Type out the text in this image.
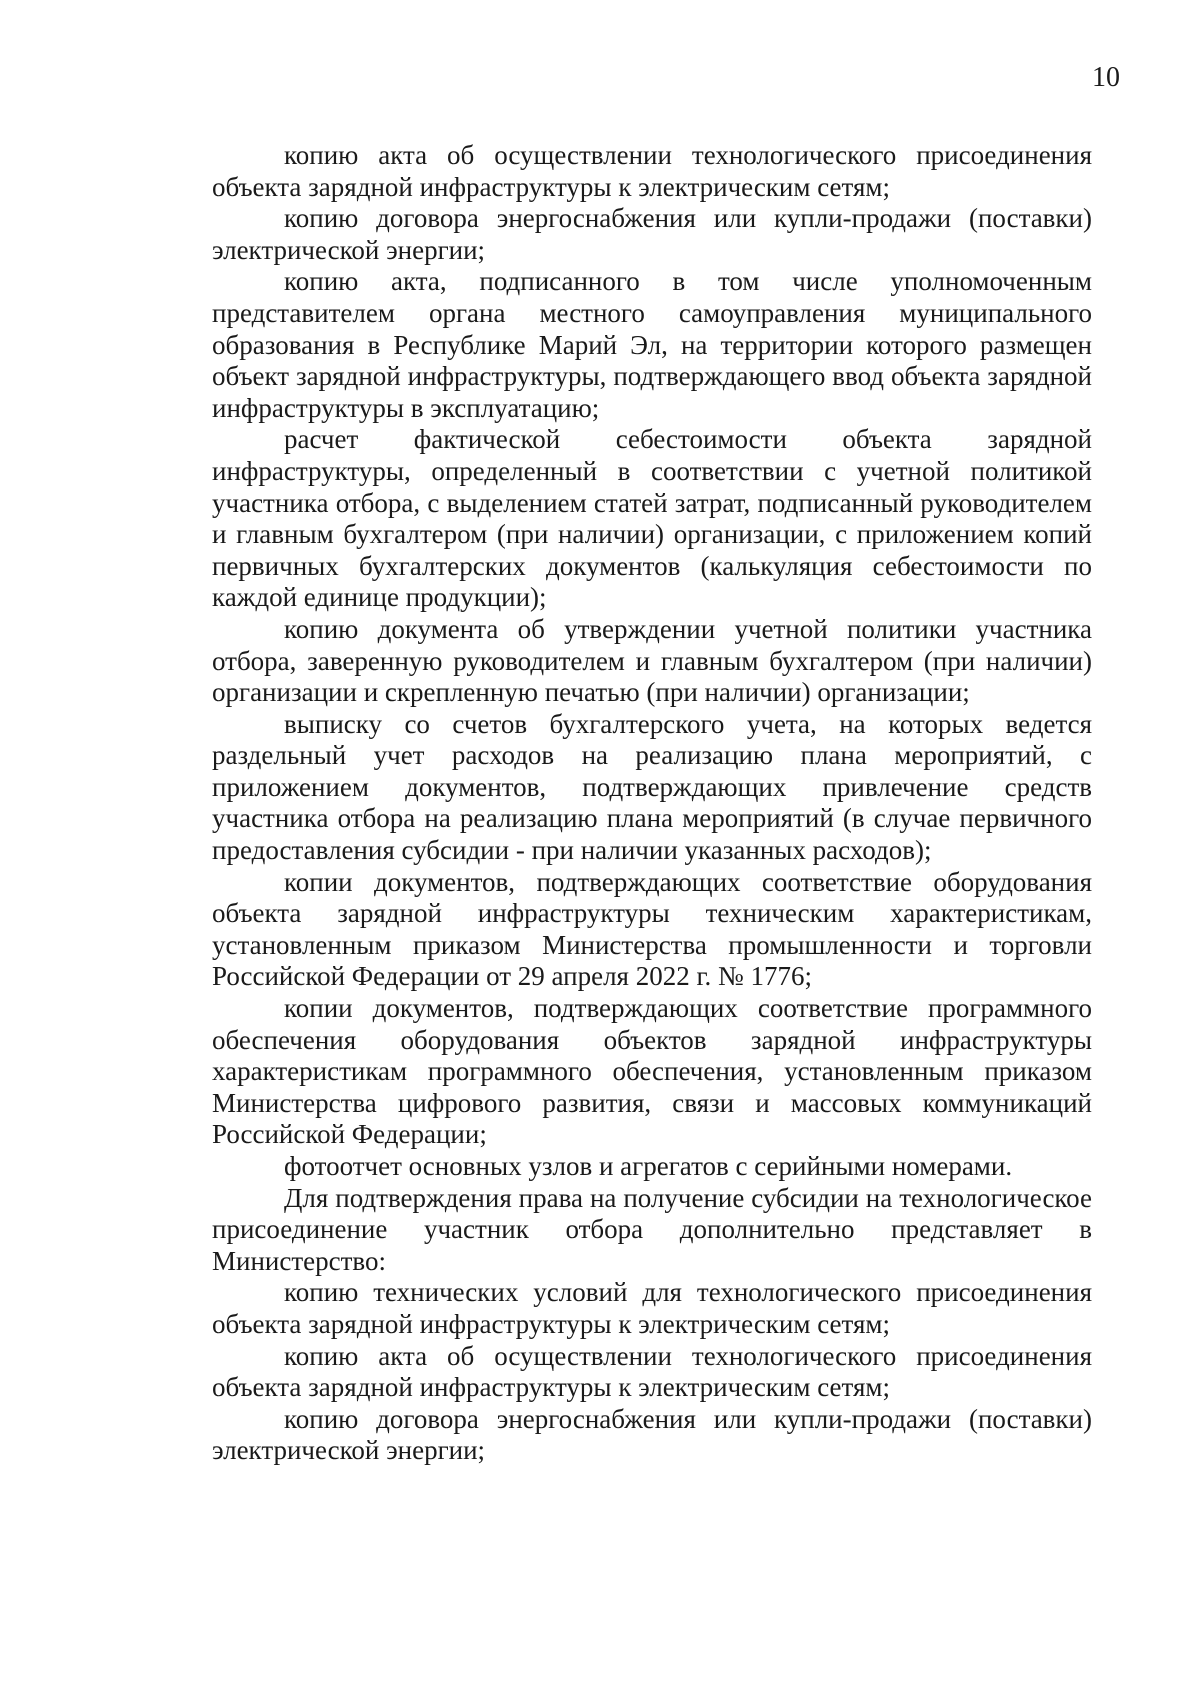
10

копию акта об осуществлении технологического присоединения объекта зарядной инфраструктуры к электрическим сетям;

копию договора энергоснабжения или купли-продажи (поставки) электрической энергии;

копию акта, подписанного в том числе уполномоченным представителем органа местного самоуправления муниципального образования в Республике Марий Эл, на территории которого размещен объект зарядной инфраструктуры, подтверждающего ввод объекта зарядной инфраструктуры в эксплуатацию;

расчет фактической себестоимости объекта зарядной инфраструктуры, определенный в соответствии с учетной политикой участника отбора, с выделением статей затрат, подписанный руководителем и главным бухгалтером (при наличии) организации, с приложением копий первичных бухгалтерских документов (калькуляция себестоимости по каждой единице продукции);

копию документа об утверждении учетной политики участника отбора, заверенную руководителем и главным бухгалтером (при наличии) организации и скрепленную печатью (при наличии) организации;

выписку со счетов бухгалтерского учета, на которых ведется раздельный учет расходов на реализацию плана мероприятий, с приложением документов, подтверждающих привлечение средств участника отбора на реализацию плана мероприятий (в случае первичного предоставления субсидии - при наличии указанных расходов);

копии документов, подтверждающих соответствие оборудования объекта зарядной инфраструктуры техническим характеристикам, установленным приказом Министерства промышленности и торговли Российской Федерации от 29 апреля 2022 г. № 1776;

копии документов, подтверждающих соответствие программного обеспечения оборудования объектов зарядной инфраструктуры характеристикам программного обеспечения, установленным приказом Министерства цифрового развития, связи и массовых коммуникаций Российской Федерации;

фотоотчет основных узлов и агрегатов с серийными номерами.

Для подтверждения права на получение субсидии на технологическое присоединение участник отбора дополнительно представляет в Министерство:

копию технических условий для технологического присоединения объекта зарядной инфраструктуры к электрическим сетям;

копию акта об осуществлении технологического присоединения объекта зарядной инфраструктуры к электрическим сетям;

копию договора энергоснабжения или купли-продажи (поставки) электрической энергии;
